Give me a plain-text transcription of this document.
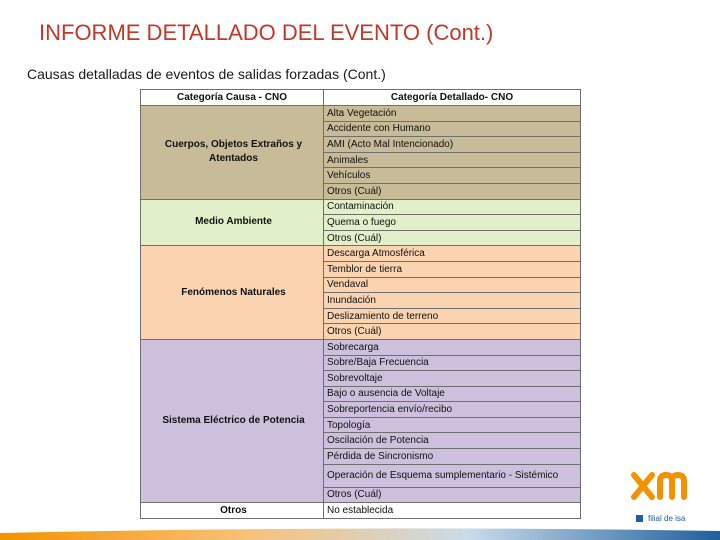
INFORME DETALLADO DEL EVENTO (Cont.)
Causas detalladas de eventos de salidas forzadas (Cont.)
Categoría Causa - CNO	Categoría Detallado- CNO
Cuerpos, Objetos Extraños y Atentados	Alta Vegetación
	Accidente con Humano
	AMI (Acto Mal Intencionado)
	Animales
	Vehículos
	Otros (Cuál)
Medio Ambiente	Contaminación
	Quema o fuego
	Otros (Cuál)
Fenómenos Naturales	Descarga Atmosférica
	Temblor de tierra
	Vendaval
	Inundación
	Deslizamiento de terreno
	Otros (Cuál)
Sistema Eléctrico de Potencia	Sobrecarga
	Sobre/Baja Frecuencia
	Sobrevoltaje
	Bajo o ausencia de Voltaje
	Sobreportencia envío/recibo
	Topología
	Oscilación de Potencia
	Pérdida de Sincronismo
	Operación de Esquema sumplementario - Sistémico
	Otros (Cuál)
Otros	No establecida
filial de isa
